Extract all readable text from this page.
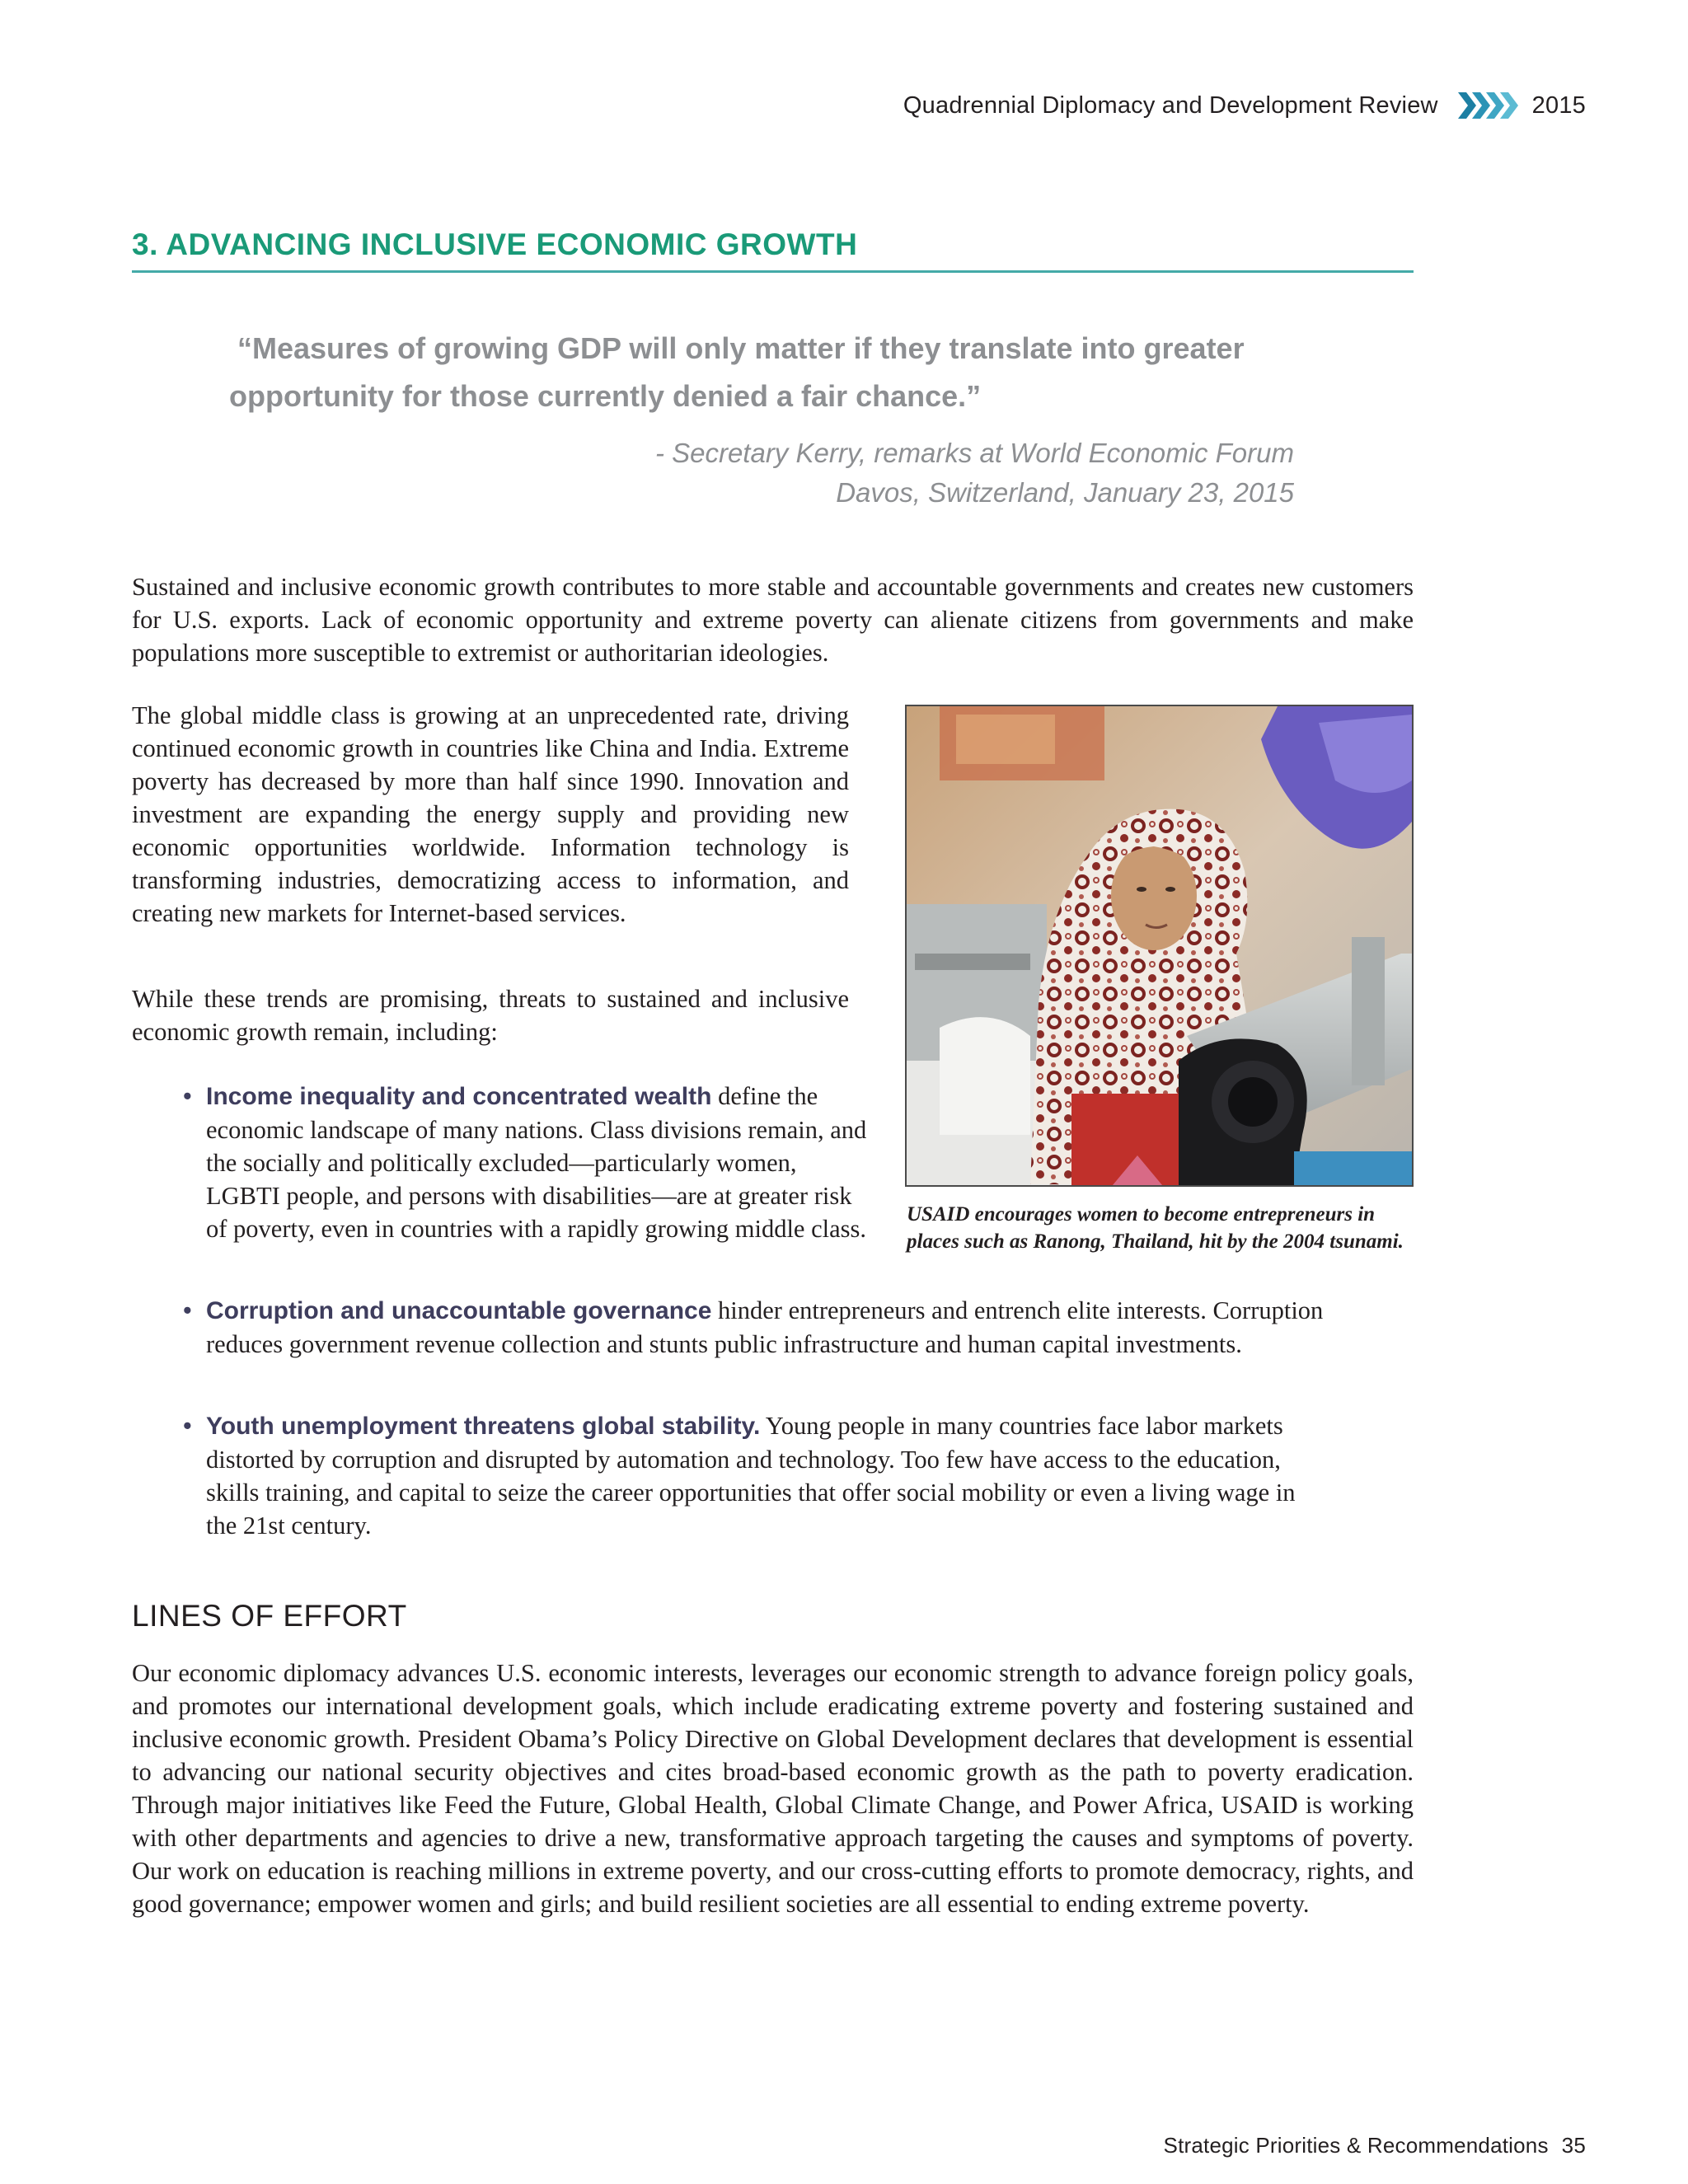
Quadrennial Diplomacy and Development Review	2015
3. ADVANCING INCLUSIVE ECONOMIC GROWTH
“Measures of growing GDP will only matter if they translate into greater
opportunity for those currently denied a fair chance.”
- Secretary Kerry, remarks at World Economic Forum
Davos, Switzerland, January 23, 2015

Sustained and inclusive economic growth contributes to more stable and accountable governments and creates new customers for U.S. exports. Lack of economic opportunity and extreme poverty can alienate citizens from governments and make populations more susceptible to extremist or authoritarian ideologies.

The global middle class is growing at an unprecedented rate, driving continued economic growth in countries like China and India. Extreme poverty has decreased by more than half since 1990. Innovation and investment are expanding the energy supply and providing new economic opportunities worldwide. Information technology is transforming industries, democratizing access to information, and creating new markets for Internet-based services.

While these trends are promising, threats to sustained and inclusive economic growth remain, including:

USAID encourages women to become entrepreneurs in places such as Ranong, Thailand, hit by the 2004 tsunami.
• Income inequality and concentrated wealth define the economic landscape of many nations. Class divisions remain, and the socially and politically excluded—particularly women, LGBTI people, and persons with disabilities—are at greater risk of poverty, even in countries with a rapidly growing middle class.
• Corruption and unaccountable governance hinder entrepreneurs and entrench elite interests. Corruption reduces government revenue collection and stunts public infrastructure and human capital investments.
• Youth unemployment threatens global stability. Young people in many countries face labor markets distorted by corruption and disrupted by automation and technology. Too few have access to the education, skills training, and capital to seize the career opportunities that offer social mobility or even a living wage in the 21st century.
LINES OF EFFORT

Our economic diplomacy advances U.S. economic interests, leverages our economic strength to advance foreign policy goals, and promotes our international development goals, which include eradicating extreme poverty and fostering sustained and inclusive economic growth. President Obama’s Policy Directive on Global Development declares that development is essential to advancing our national security objectives and cites broad-based economic growth as the path to poverty eradication. Through major initiatives like Feed the Future, Global Health, Global Climate Change, and Power Africa, USAID is working with other departments and agencies to drive a new, transformative approach targeting the causes and symptoms of poverty. Our work on education is reaching millions in extreme poverty, and our cross-cutting efforts to promote democracy, rights, and good governance; empower women and girls; and build resilient societies are all essential to ending extreme poverty.

Strategic Priorities & Recommendations 35
